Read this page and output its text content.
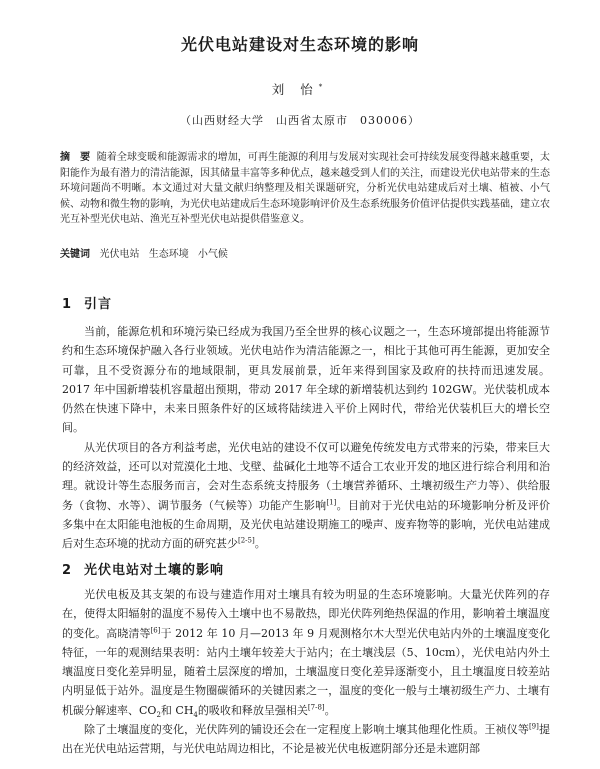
光伏电站建设对生态环境的影响
刘 怡*
（山西财经大学　山西省太原市　030006）
摘　要 随着全球变暖和能源需求的增加，可再生能源的利用与发展对实现社会可持续发展变得越来越重要，太阳能作为最有潜力的清洁能源，因其储量丰富等多种优点，越来越受到人们的关注，而建设光伏电站带来的生态环境问题尚不明晰。本文通过对大量文献归纳整理及相关课题研究，分析光伏电站建成后对土壤、植被、小气候、动物和微生物的影响，为光伏电站建成后生态环境影响评价及生态系统服务价值评估提供实践基础，建立农光互补型光伏电站、渔光互补型光伏电站提供借鉴意义。
关键词 光伏电站 生态环境 小气候
1 引言

当前，能源危机和环境污染已经成为我国乃至全世界的核心议题之一，生态环境部提出将能源节约和生态环境保护融入各行业领域。光伏电站作为清洁能源之一，相比于其他可再生能源，更加安全可靠，且不受资源分布的地域限制，更具发展前景，近年来得到国家及政府的扶持而迅速发展。2017 年中国新增装机容量超出预期，带动 2017 年全球的新增装机达到约 102GW。光伏装机成本仍然在快速下降中，未来日照条件好的区域将陆续进入平价上网时代，带给光伏装机巨大的增长空间。

从光伏项目的各方利益考虑，光伏电站的建设不仅可以避免传统发电方式带来的污染，带来巨大的经济效益，还可以对荒漠化土地、戈壁、盐碱化土地等不适合工农业开发的地区进行综合利用和治理。就设计等生态服务而言，会对生态系统支持服务（土壤营养循环、土壤初级生产力等）、供给服务（食物、水等）、调节服务（气候等）功能产生影响[1]。目前对于光伏电站的环境影响分析及评价多集中在太阳能电池板的生命周期，及光伏电站建设期施工的噪声、废弃物等的影响，光伏电站建成后对生态环境的扰动方面的研究甚少[2-5]。

2 光伏电站对土壤的影响

光伏电板及其支架的布设与建造作用对土壤具有较为明显的生态环境影响。大量光伏阵列的存在，使得太阳辐射的温度不易传入土壤中也不易散热，即光伏阵列绝热保温的作用，影响着土壤温度的变化。高晓清等[6]于 2012 年 10 月—2013 年 9 月观测格尔木大型光伏电站内外的土壤温度变化特征，一年的观测结果表明：站内土壤年较差大于站内；在土壤浅层（5、10cm），光伏电站内外土壤温度日变化差异明显，随着土层深度的增加，土壤温度日变化差异逐渐变小，且土壤温度日较差站内明显低于站外。温度是生物圈碳循环的关键因素之一，温度的变化一般与土壤初级生产力、土壤有机碳分解速率、$CO_2$和 $CH_4$的吸收和释放呈强相关[7-8]。

除了土壤温度的变化，光伏阵列的铺设还会在一定程度上影响土壤其他理化性质。王祯仪等[9]提出在光伏电站运营期，与光伏电站周边相比，不论是被光伏电板遮阴部分还是未遮阴部
